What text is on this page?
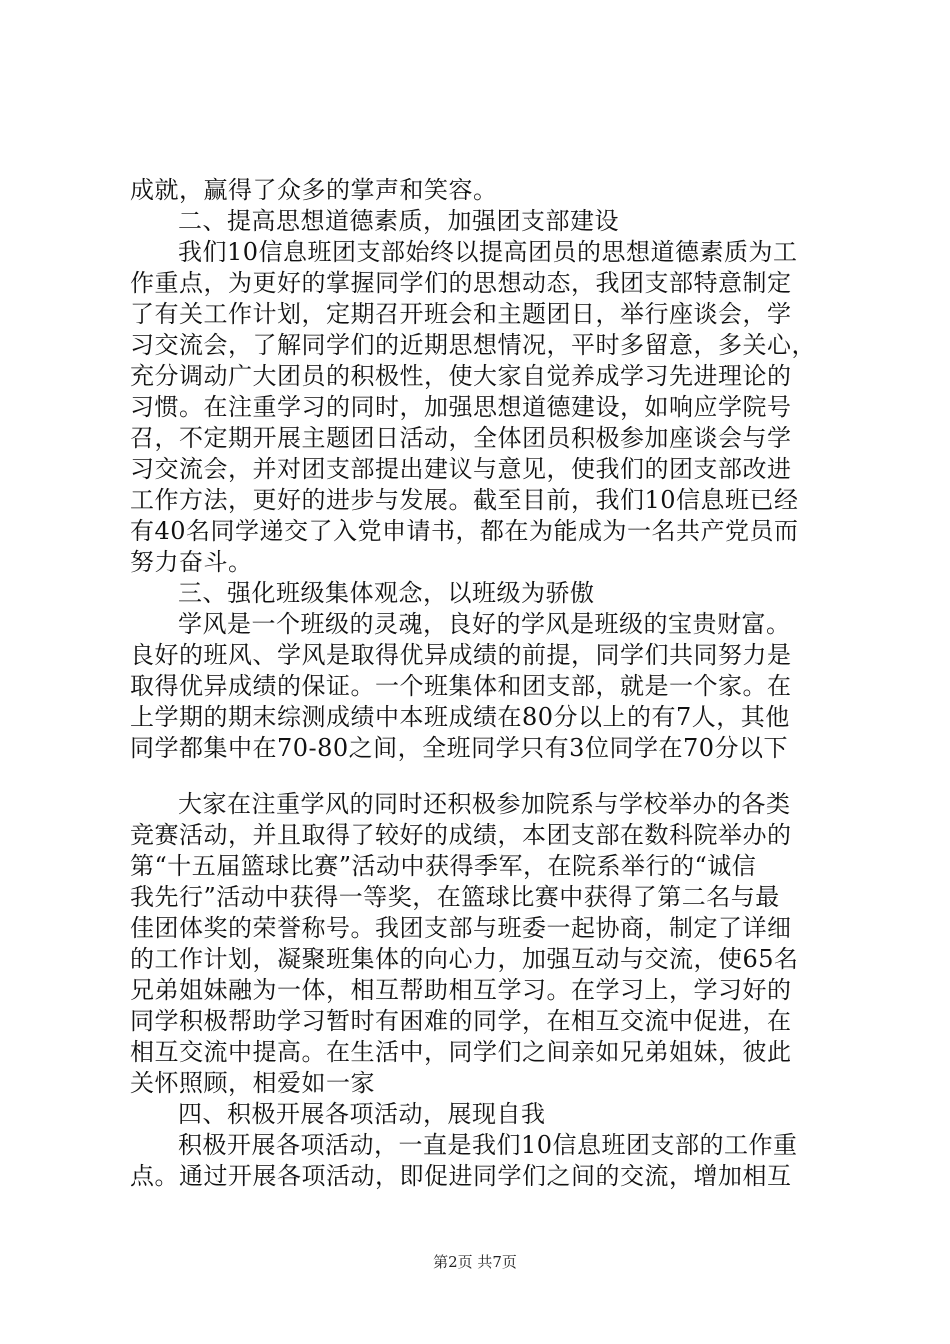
成就，赢得了众多的掌声和笑容。
二、提高思想道德素质，加强团支部建设
我们10信息班团支部始终以提高团员的思想道德素质为工
作重点，为更好的掌握同学们的思想动态，我团支部特意制定
了有关工作计划，定期召开班会和主题团日，举行座谈会，学
习交流会，了解同学们的近期思想情况，平时多留意，多关心，
充分调动广大团员的积极性，使大家自觉养成学习先进理论的
习惯。在注重学习的同时，加强思想道德建设，如响应学院号
召，不定期开展主题团日活动，全体团员积极参加座谈会与学
习交流会，并对团支部提出建议与意见，使我们的团支部改进
工作方法，更好的进步与发展。截至目前，我们10信息班已经
有40名同学递交了入党申请书，都在为能成为一名共产党员而
努力奋斗。
三、强化班级集体观念，以班级为骄傲
学风是一个班级的灵魂，良好的学风是班级的宝贵财富。
良好的班风、学风是取得优异成绩的前提，同学们共同努力是
取得优异成绩的保证。一个班集体和团支部，就是一个家。在
上学期的期末综测成绩中本班成绩在80分以上的有7人，其他
同学都集中在70-80之间，全班同学只有3位同学在70分以下
大家在注重学风的同时还积极参加院系与学校举办的各类
竞赛活动，并且取得了较好的成绩，本团支部在数科院举办的
第“十五届篮球比赛”活动中获得季军，在院系举行的“诚信
我先行”活动中获得一等奖，在篮球比赛中获得了第二名与最
佳团体奖的荣誉称号。我团支部与班委一起协商，制定了详细
的工作计划，凝聚班集体的向心力，加强互动与交流，使65名
兄弟姐妹融为一体，相互帮助相互学习。在学习上，学习好的
同学积极帮助学习暂时有困难的同学，在相互交流中促进，在
相互交流中提高。在生活中，同学们之间亲如兄弟姐妹，彼此
关怀照顾，相爱如一家
四、积极开展各项活动，展现自我
积极开展各项活动，一直是我们10信息班团支部的工作重
点。通过开展各项活动，即促进同学们之间的交流，增加相互
第2页 共7页
